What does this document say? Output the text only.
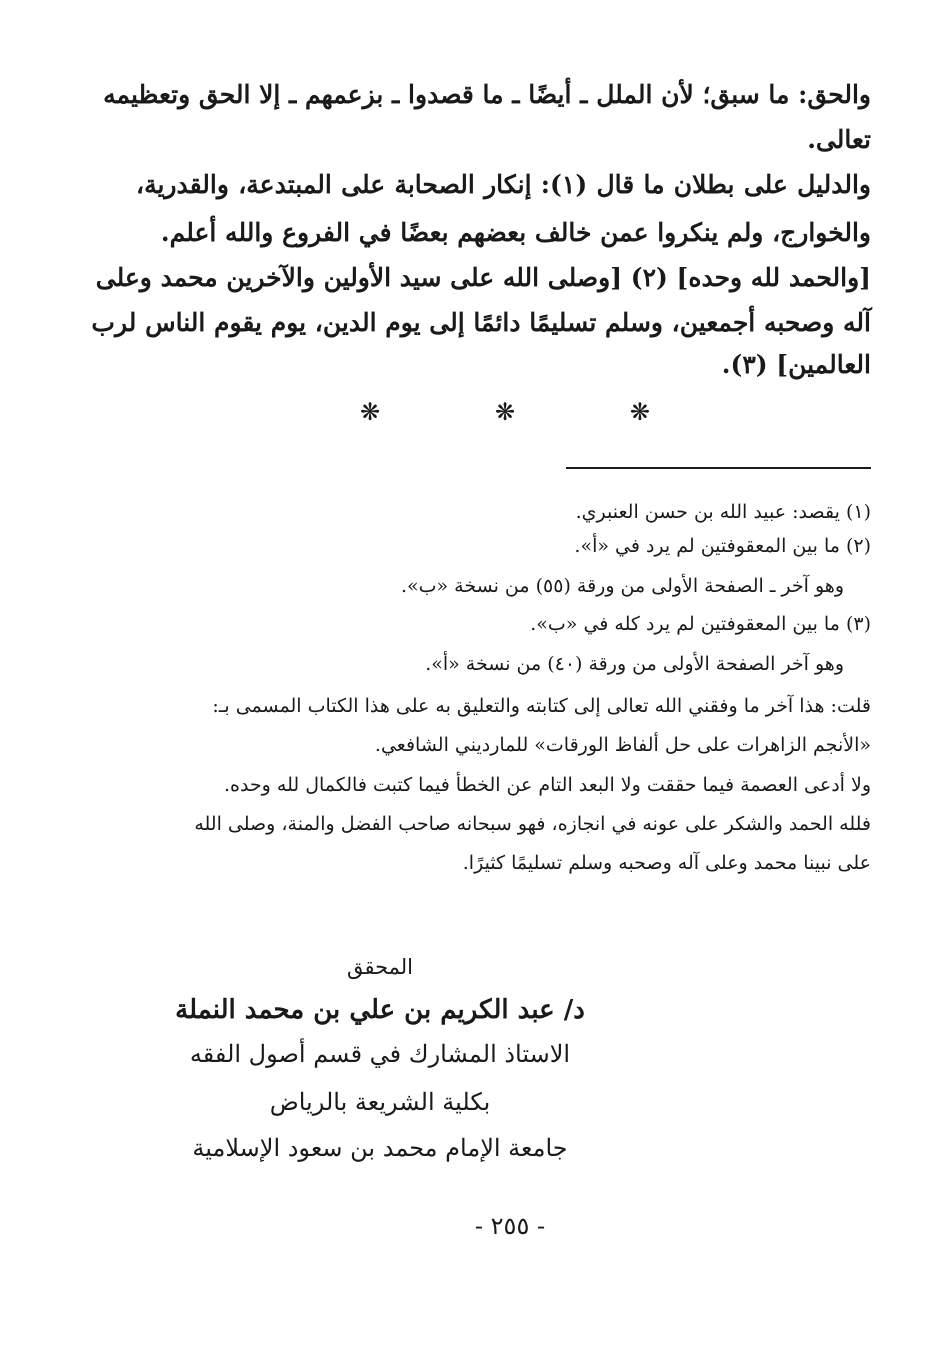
والحق: ما سبق؛ لأن الملل ـ أيضًا ـ ما قصدوا ـ بزعمهم ـ إلا الحق وتعظيمه
تعالى.
والدليل على بطلان ما قال (١): إنكار الصحابة على المبتدعة، والقدرية،
والخوارج، ولم ينكروا عمن خالف بعضهم بعضًا في الفروع والله أعلم.
[والحمد لله وحده] (٢) [وصلى الله على سيد الأولين والآخرين محمد وعلى
آله وصحبه أجمعين، وسلم تسليمًا دائمًا إلى يوم الدين، يوم يقوم الناس لرب
العالمين] (٣).
❋
❋
❋
(١) يقصد: عبيد الله بن حسن العنبري.
(٢) ما بين المعقوفتين لم يرد في «أ».
وهو آخر ـ الصفحة الأولى من ورقة (٥٥) من نسخة «ب».
(٣) ما بين المعقوفتين لم يرد كله في «ب».
وهو آخر الصفحة الأولى من ورقة (٤٠) من نسخة «أ».
قلت: هذا آخر ما وفقني الله تعالى إلى كتابته والتعليق به على هذا الكتاب المسمى بـ:
«الأنجم الزاهرات على حل ألفاظ الورقات» للمارديني الشافعي.
ولا أدعى العصمة فيما حققت ولا البعد التام عن الخطأ فيما كتبت فالكمال لله وحده.
فلله الحمد والشكر على عونه في انجازه، فهو سبحانه صاحب الفضل والمنة، وصلى الله
على نبينا محمد وعلى آله وصحبه وسلم تسليمًا كثيرًا.
المحقق
د/ عبد الكريم بن علي بن محمد النملة
الاستاذ المشارك في قسم أصول الفقه
بكلية الشريعة بالرياض
جامعة الإمام محمد بن سعود الإسلامية
- ٢٥٥ -
